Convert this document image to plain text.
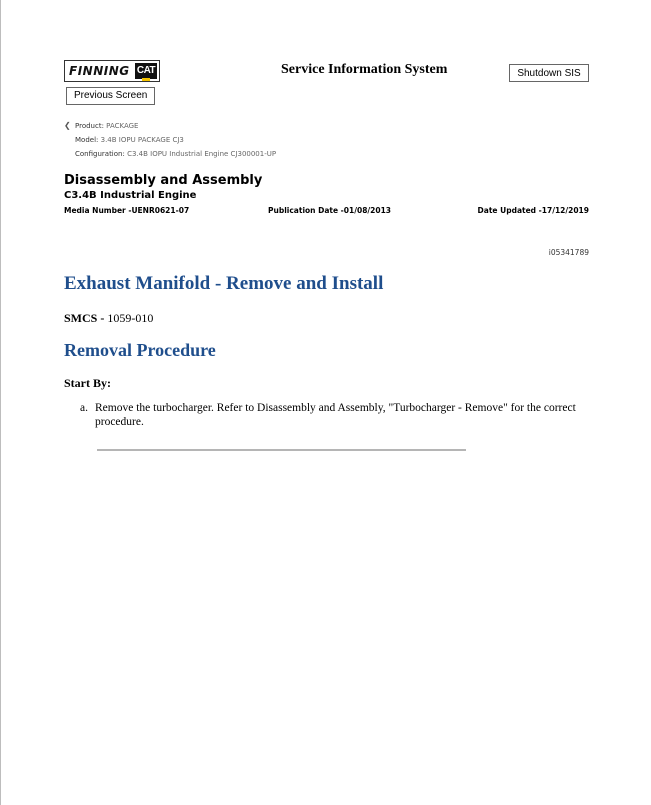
FINNING CAT
Previous Screen
Service Information System	Shutdown SIS
❮ Product: PACKAGE
Model: 3.4B IOPU PACKAGE CJ3
Configuration: C3.4B IOPU Industrial Engine CJ300001-UP
Disassembly and Assembly
C3.4B Industrial Engine
Media Number -UENR0621-07	Publication Date -01/08/2013	Date Updated -17/12/2019
i05341789
Exhaust Manifold - Remove and Install
SMCS - 1059-010
Removal Procedure
Start By:
a. Remove the turbocharger. Refer to Disassembly and Assembly, "Turbocharger - Remove" for the correct procedure.
